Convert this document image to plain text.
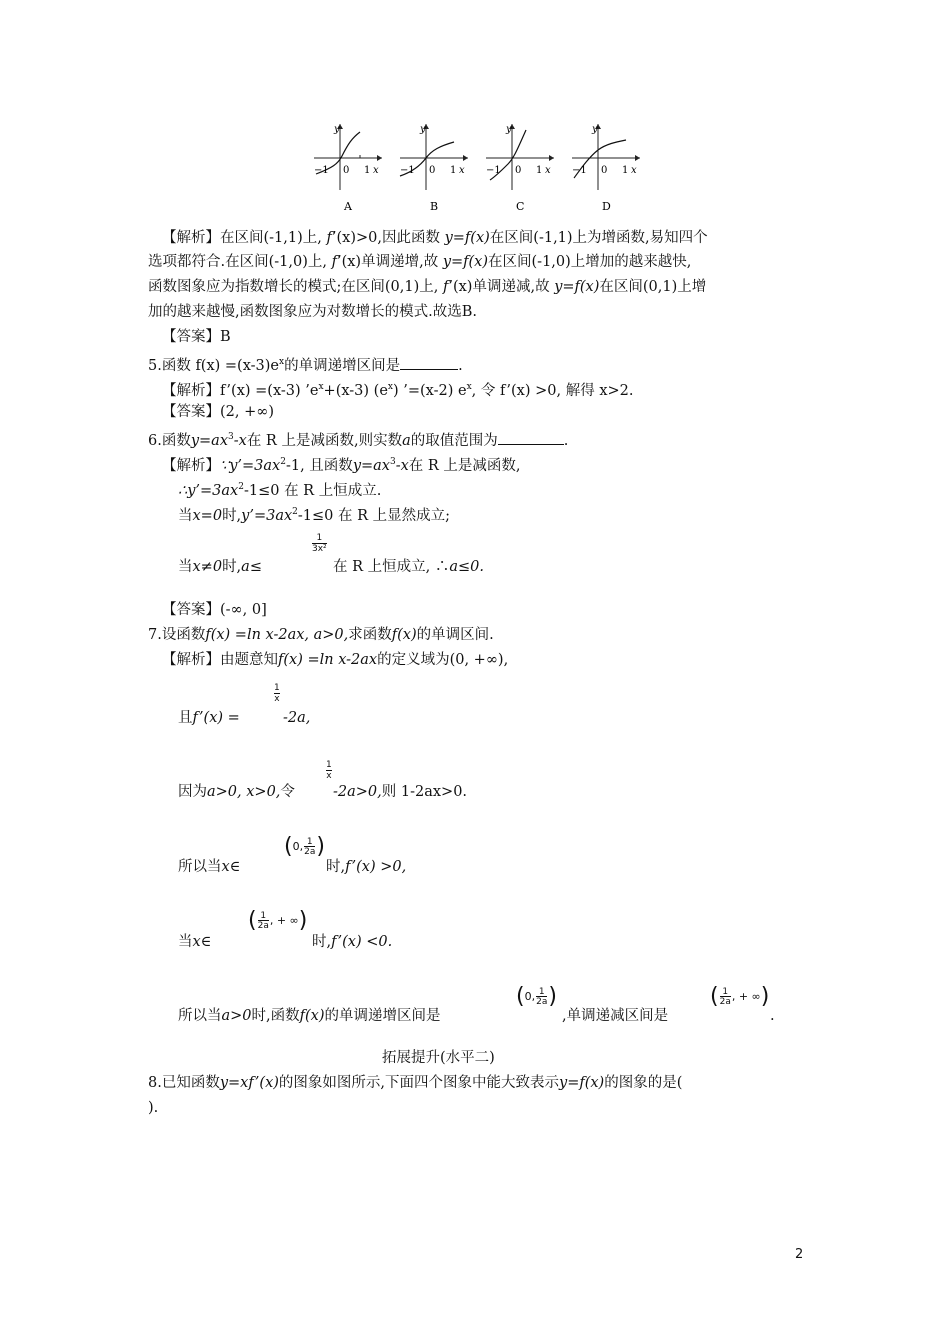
y
−1 0 1 x
A
y
−1 0 1 x
B
y
−1 0 1 x
C
y
−1 0 1 x
D
【解析】在区间(-1,1)上, f’(x)>0,因此函数 y=f(x)在区间(-1,1)上为增函数,易知四个
选项都符合.在区间(-1,0)上, f’(x)单调递增,故 y=f(x)在区间(-1,0)上增加的越来越快,
函数图象应为指数增长的模式;在区间(0,1)上, f’(x)单调递减,故 y=f(x)在区间(0,1)上增
加的越来越慢,函数图象应为对数增长的模式.故选B.
【答案】B
5.函数 $f(x) =(x-3)e^x$的单调递增区间是	.
【解析】f’(x) =(x-3) $’e^x+(x-3)$ $(e^x)$ ’=(x-2) $e^x$, 令 f’(x) >0, 解得 x>2.
【答案】(2, +∞)
6.函数$y=ax^3-x$在 R 上是减函数,则实数a的取值范围为	.
【解析】$\because y’=3ax^2-1$, 且函数$y=ax^3-x$在 R 上是减函数,
$\therefore y’=3ax^2-1\le 0$ 在 R 上恒成立.
当x=0时$,y’=3ax^2-1\le 0$ 在 R 上显然成立;
$\frac{1}{\text{3x²}}$
当x≠0时,a≤	在 R 上恒成立, ∴a≤0.
【答案】(-∞, 0]
7.设函数f(x) =ln x-2ax, a>0,求函数f(x)的单调区间.
【解析】由题意知f(x) =ln x-2ax的定义域为(0, +∞),
$\frac{1}{x}$
且f’(x) =	-2a,
$\frac{1}{x}$
因为a>0, x>0,令	-2a>0,则 1-2ax>0.
$(0,\frac{1}{2a})$
所以当x∈	时,f’(x) >0,
($\frac{1}{2a}$, + ∞)
当x∈	时,f’(x) <0.
$(0,\frac{1}{2a})$	($\frac{1}{2a}$, + ∞)
所以当a>0时,函数f(x)的单调递增区间是	,单调递减区间是	.
拓展提升(水平二)
8.已知函数y=xf’(x)的图象如图所示,下面四个图象中能大致表示y=f(x)的图象的是(
).
2
